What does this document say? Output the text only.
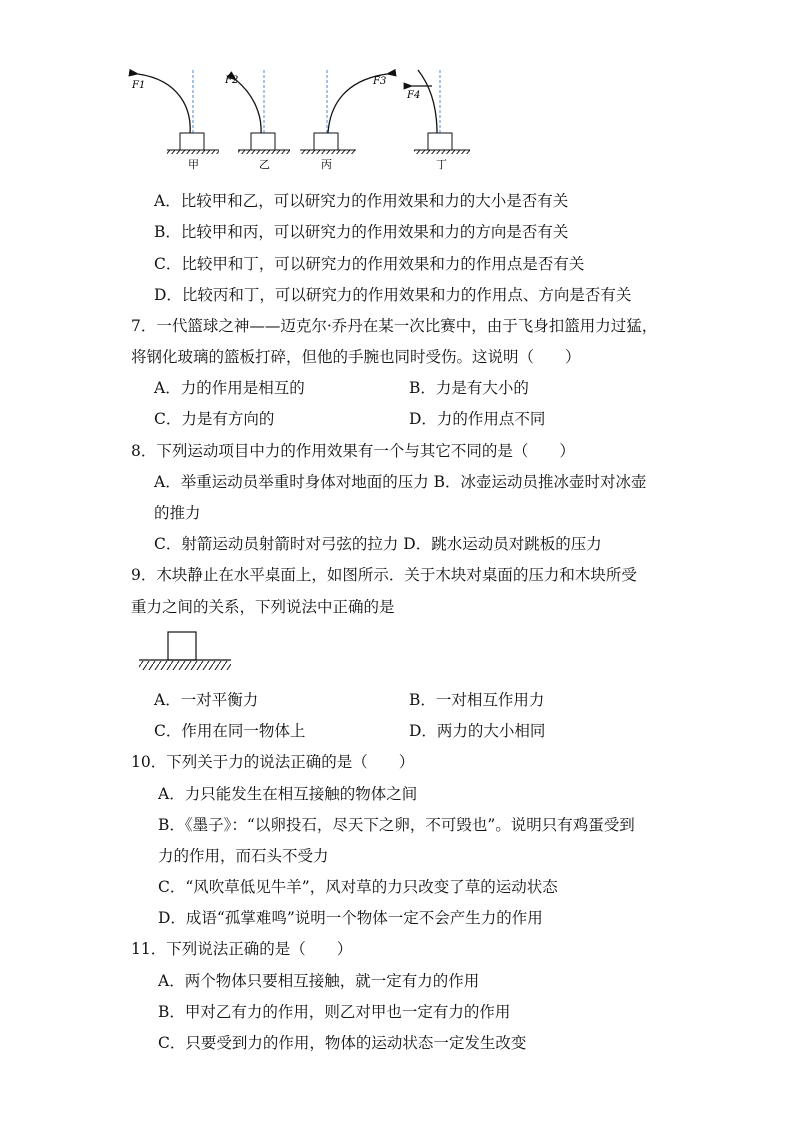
F1
甲
F2
乙
F3
丙
F4
丁
A．比较甲和乙，可以研究力的作用效果和力的大小是否有关
B．比较甲和丙，可以研究力的作用效果和力的方向是否有关
C．比较甲和丁，可以研究力的作用效果和力的作用点是否有关
D．比较丙和丁，可以研究力的作用效果和力的作用点、方向是否有关
7．一代篮球之神——迈克尔·乔丹在某一次比赛中，由于飞身扣篮用力过猛，
将钢化玻璃的篮板打碎，但他的手腕也同时受伤。这说明（　　）
A．力的作用是相互的	B．力是有大小的
C．力是有方向的	D．力的作用点不同
8．下列运动项目中力的作用效果有一个与其它不同的是（　　）
A．举重运动员举重时身体对地面的压力 B．冰壶运动员推冰壶时对冰壶
的推力
C．射箭运动员射箭时对弓弦的拉力 D．跳水运动员对跳板的压力
9．木块静止在水平桌面上，如图所示．关于木块对桌面的压力和木块所受
重力之间的关系，下列说法中正确的是
A．一对平衡力	B．一对相互作用力
C．作用在同一物体上	D．两力的大小相同
10．下列关于力的说法正确的是（　　）
A．力只能发生在相互接触的物体之间
B．《墨子》：“以卵投石，尽天下之卵，不可毁也”。说明只有鸡蛋受到
力的作用，而石头不受力
C．“风吹草低见牛羊”，风对草的力只改变了草的运动状态
D．成语“孤掌难鸣”说明一个物体一定不会产生力的作用
11．下列说法正确的是（　　）
A．两个物体只要相互接触，就一定有力的作用
B．甲对乙有力的作用，则乙对甲也一定有力的作用
C．只要受到力的作用，物体的运动状态一定发生改变
